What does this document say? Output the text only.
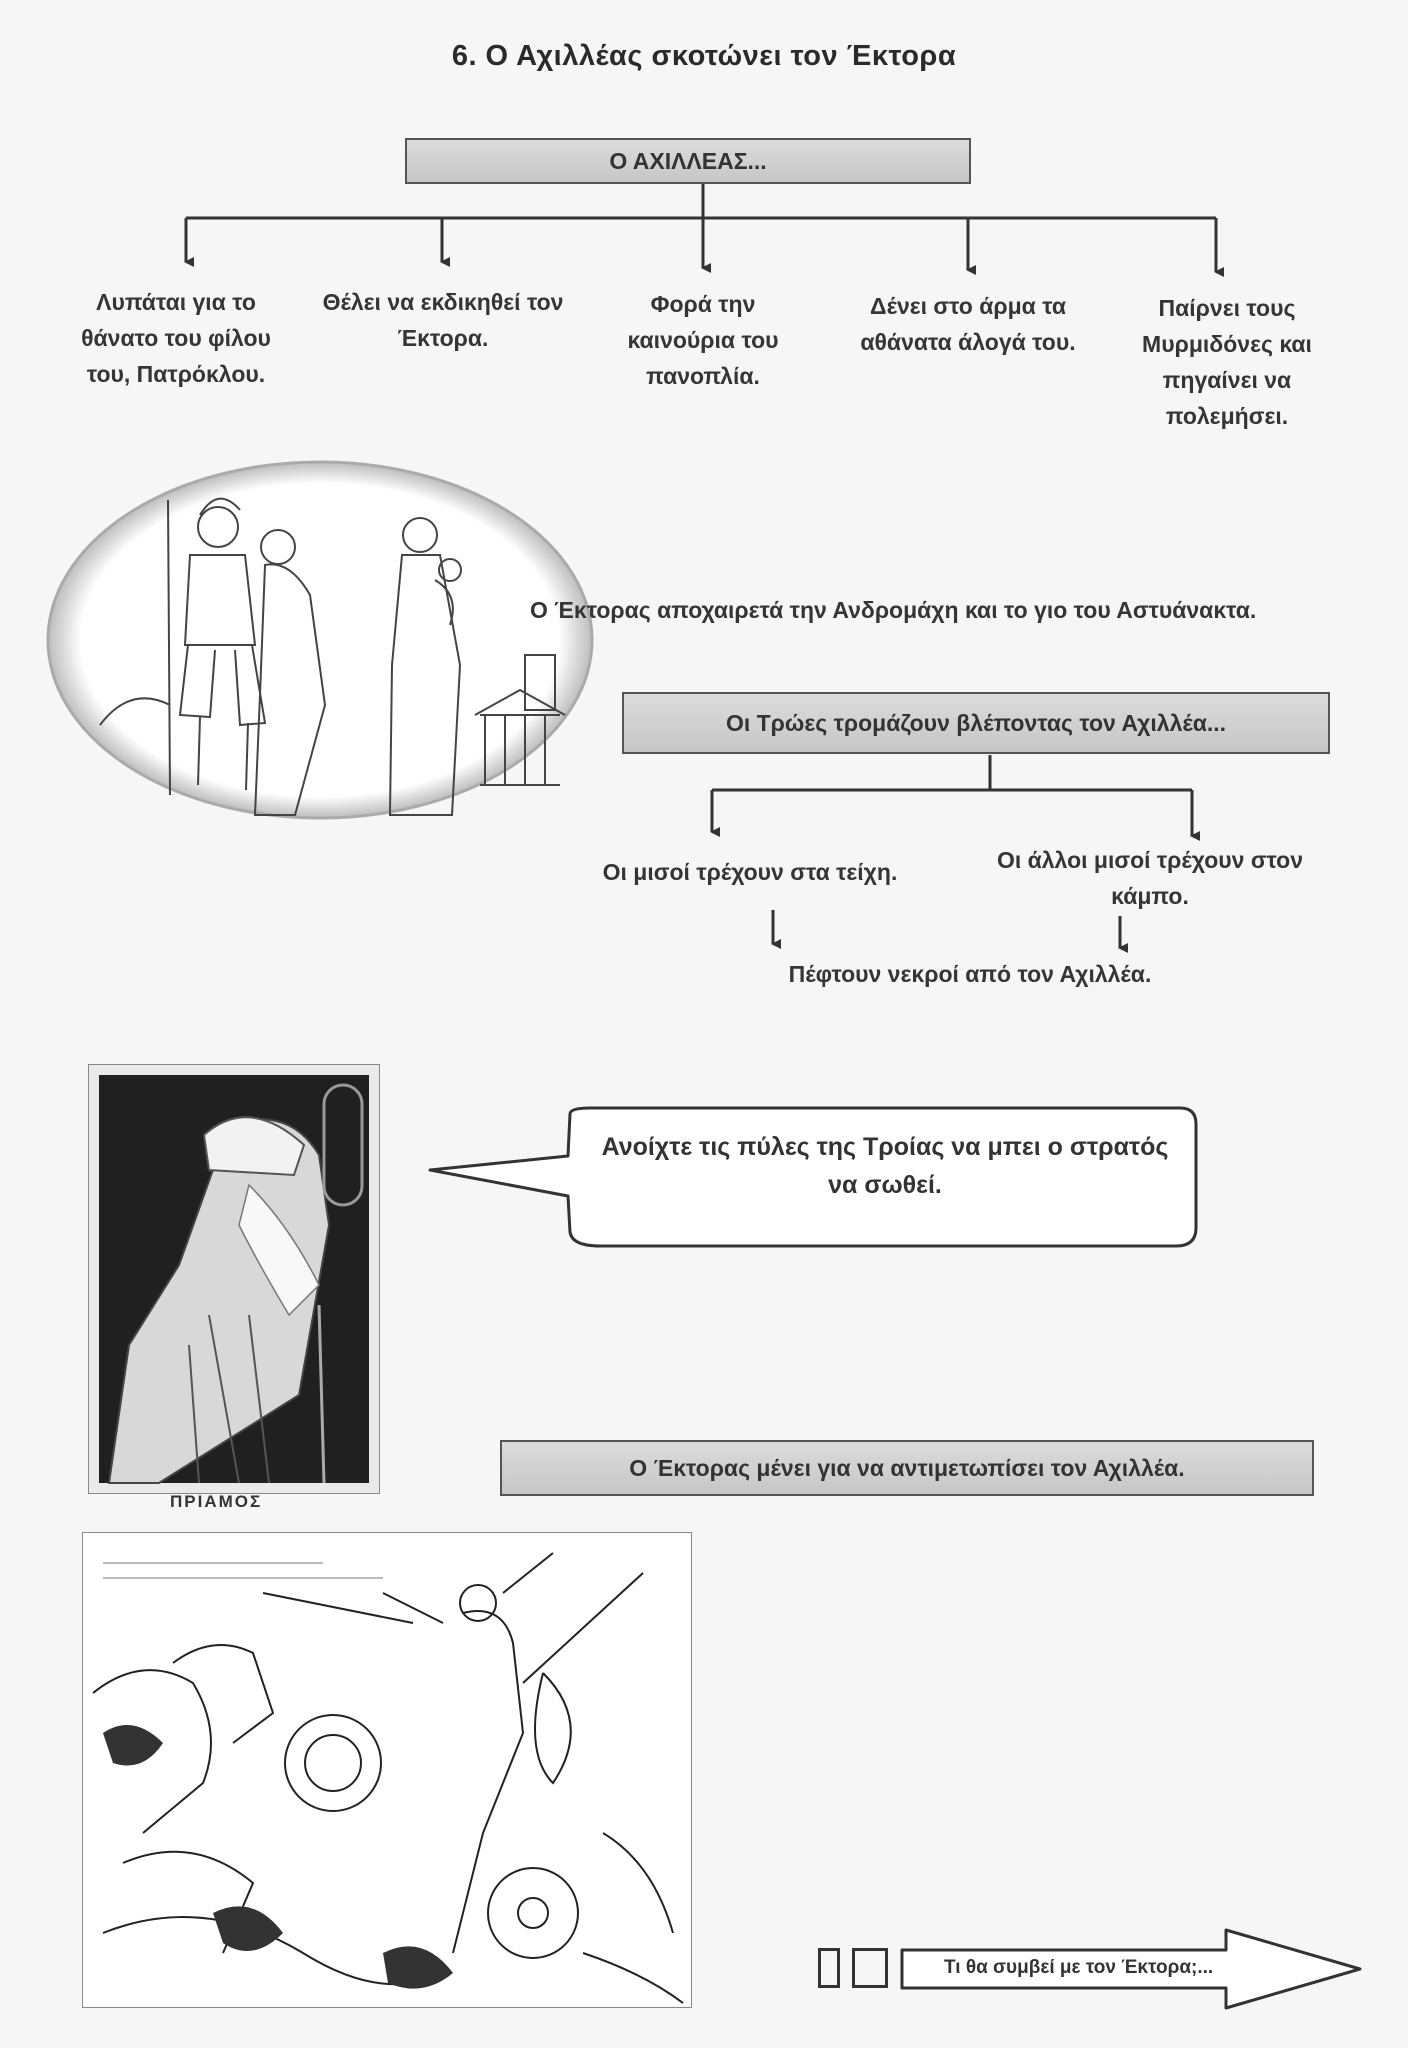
6. Ο Αχιλλέας σκοτώνει τον Έκτορα
Ο ΑΧΙΛΛΕΑΣ...
Λυπάται για το θάνατο του φίλου του, Πατρόκλου.
Θέλει να εκδικηθεί τον Έκτορα.
Φορά την καινούρια του πανοπλία.
Δένει στο άρμα τα αθάνατα άλογά του.
Παίρνει τους Μυρμιδόνες και πηγαίνει να πολεμήσει.
Ο Έκτορας αποχαιρετά την Ανδρομάχη και το γιο του Αστυάνακτα.
Οι Τρώες τρομάζουν βλέποντας τον Αχιλλέα...
Οι μισοί τρέχουν στα τείχη.	Οι άλλοι μισοί τρέχουν στον κάμπο.
Πέφτουν νεκροί από τον Αχιλλέα.
ΠΡΙΑΜΟΣ
Ανοίχτε τις πύλες της Τροίας να μπει ο στρατός να σωθεί.
Ο Έκτορας μένει για να αντιμετωπίσει τον Αχιλλέα.
Τι θα συμβεί με τον Έκτορα;...
